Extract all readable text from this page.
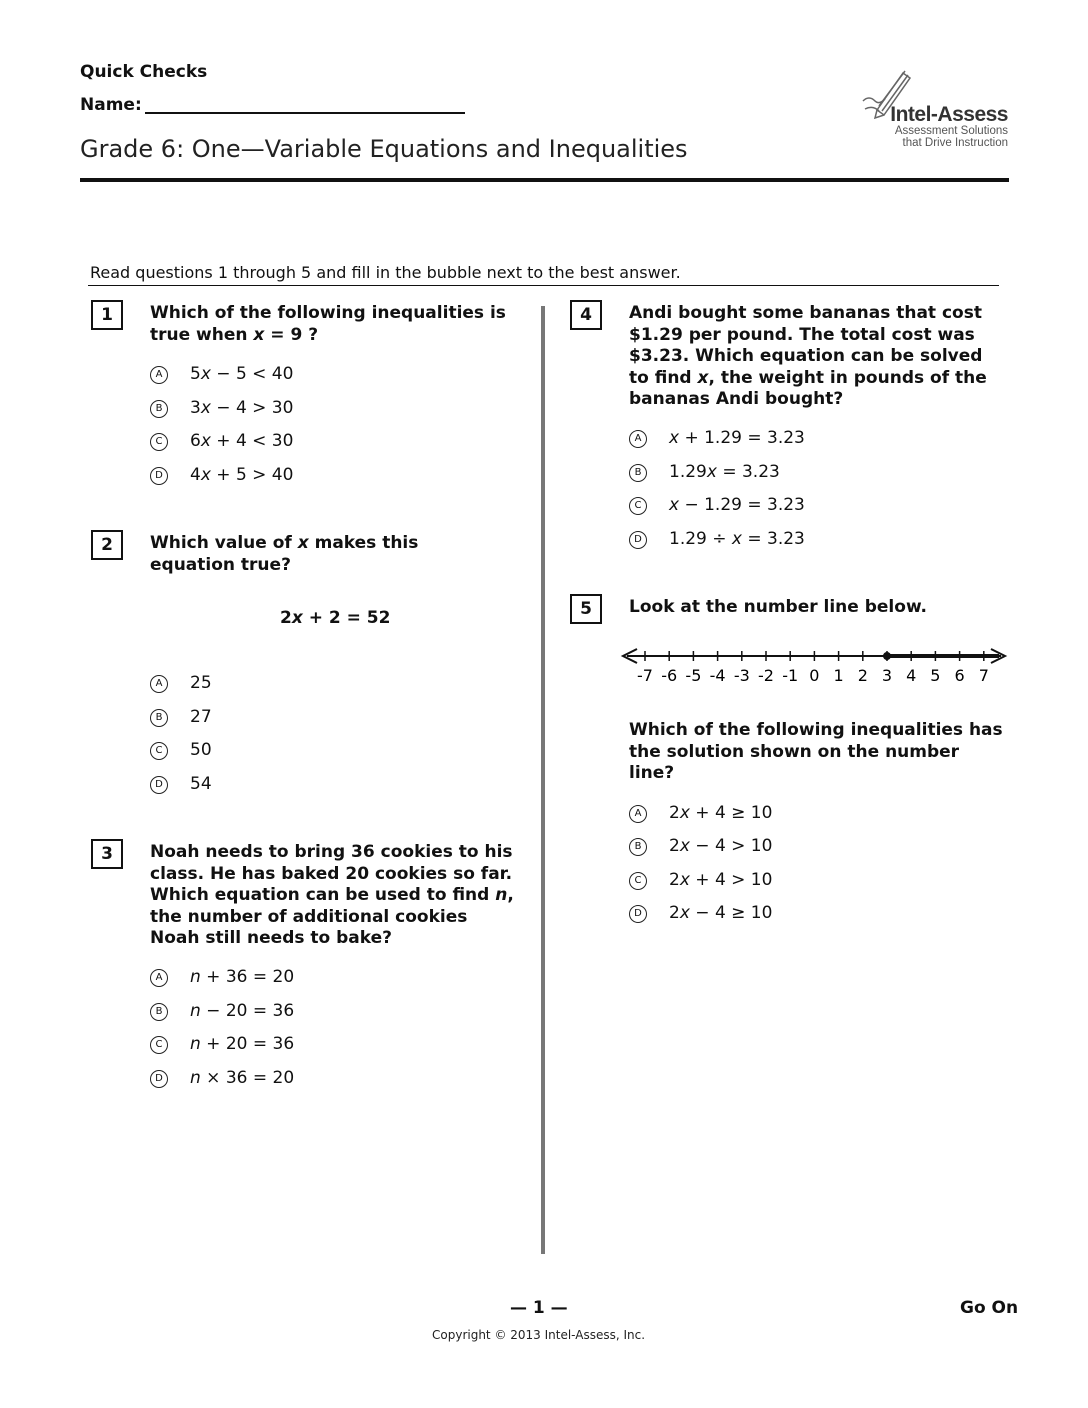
Quick Checks
Name:
Grade 6: One—Variable Equations and Inequalities
Intel-Assess
Assessment Solutions
that Drive Instruction
Read questions 1 through 5 and fill in the bubble next to the best answer.
1	Which of the following inequalities is true when x = 9 ?
A	5x − 5 < 40
B	3x − 4 > 30
C	6x + 4 < 30
D	4x + 5 > 40
2	Which value of x makes this equation true?
2x + 2 = 52
A	25
B	27
C	50
D	54
3	Noah needs to bring 36 cookies to his class. He has baked 20 cookies so far. Which equation can be used to find n, the number of additional cookies Noah still needs to bake?
A	n + 36 = 20
B	n − 20 = 36
C	n + 20 = 36
D	n × 36 = 20
4	Andi bought some bananas that cost $1.29 per pound. The total cost was $3.23. Which equation can be solved to find x, the weight in pounds of the bananas Andi bought?
A	x + 1.29 = 3.23
B	1.29x = 3.23
C	x − 1.29 = 3.23
D	1.29 ÷ x = 3.23
5	Look at the number line below.
-7 -6 -5 -4 -3 -2 -1 0 1 2 3 4 5 6 7
Which of the following inequalities has the solution shown on the number line?
A	2x + 4 ≥ 10
B	2x − 4 > 10
C	2x + 4 > 10
D	2x − 4 ≥ 10
— 1 —	Go On
Copyright © 2013 Intel-Assess, Inc.
